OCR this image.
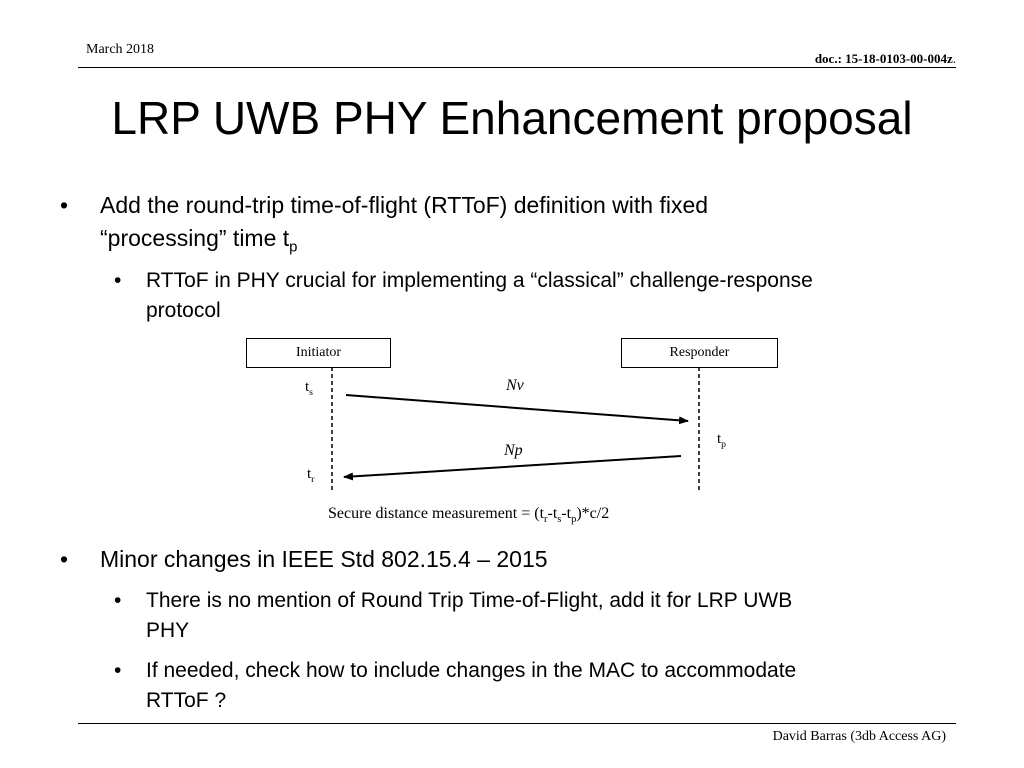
March 2018
doc.: 15-18-0103-00-004z.
LRP UWB PHY Enhancement proposal
• Add the round-trip time-of-flight (RTToF) definition with fixed
“processing” time $t_p$
• RTToF in PHY crucial for implementing a “classical” challenge-response
protocol
Initiator	Responder
$t_s$
$t_r$
$t_p$
Nv
Np
Secure distance measurement = $(t_r-t_s-t_p)*c/2$
• Minor changes in IEEE Std 802.15.4 – 2015
• There is no mention of Round Trip Time-of-Flight, add it for LRP UWB
PHY
• If needed, check how to include changes in the MAC to accommodate
RTToF ?
David Barras (3db Access AG)
